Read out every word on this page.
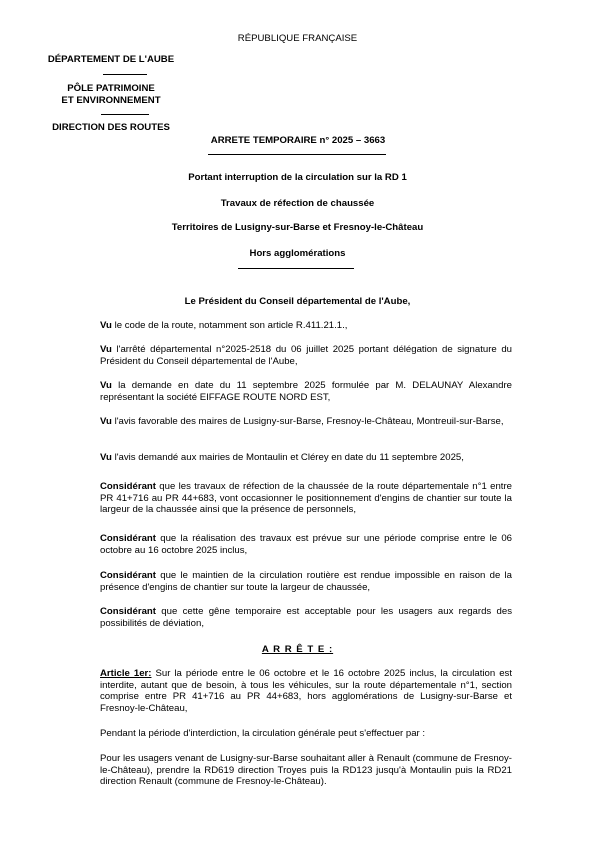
RÉPUBLIQUE FRANÇAISE
DÉPARTEMENT DE L'AUBE
PÔLE PATRIMOINE
ET ENVIRONNEMENT
DIRECTION DES ROUTES
ARRETE TEMPORAIRE n° 2025 – 3663
Portant interruption de la circulation sur la RD 1
Travaux de réfection de chaussée
Territoires de Lusigny-sur-Barse et Fresnoy-le-Château
Hors agglomérations
Le Président du Conseil départemental de l'Aube,
Vu le code de la route, notamment son article R.411.21.1.,
Vu l'arrêté départemental n°2025-2518 du 06 juillet 2025 portant délégation de signature du Président du Conseil départemental de l'Aube,
Vu la demande en date du 11 septembre 2025 formulée par M. DELAUNAY Alexandre représentant la société EIFFAGE ROUTE NORD EST,
Vu l'avis favorable des maires de Lusigny-sur-Barse, Fresnoy-le-Château, Montreuil-sur-Barse,
Vu l'avis demandé aux mairies de Montaulin et Clérey en date du 11 septembre 2025,
Considérant que les travaux de réfection de la chaussée de la route départementale n°1 entre PR 41+716 au PR 44+683, vont occasionner le positionnement d'engins de chantier sur toute la largeur de la chaussée ainsi que la présence de personnels,
Considérant que la réalisation des travaux est prévue sur une période comprise entre le 06 octobre au 16 octobre 2025 inclus,
Considérant que le maintien de la circulation routière est rendue impossible en raison de la présence d'engins de chantier sur toute la largeur de chaussée,
Considérant que cette gêne temporaire est acceptable pour les usagers aux regards des possibilités de déviation,
A R R Ê T E :
Article 1er: Sur la période entre le 06 octobre et le 16 octobre 2025 inclus, la circulation est interdite, autant que de besoin, à tous les véhicules, sur la route départementale n°1, section comprise entre PR 41+716 au PR 44+683, hors agglomérations de Lusigny-sur-Barse et Fresnoy-le-Château,
Pendant la période d'interdiction, la circulation générale peut s'effectuer par :
Pour les usagers venant de Lusigny-sur-Barse souhaitant aller à Renault (commune de Fresnoy-le-Château), prendre la RD619 direction Troyes puis la RD123 jusqu'à Montaulin puis la RD21 direction Renault (commune de Fresnoy-le-Château).
